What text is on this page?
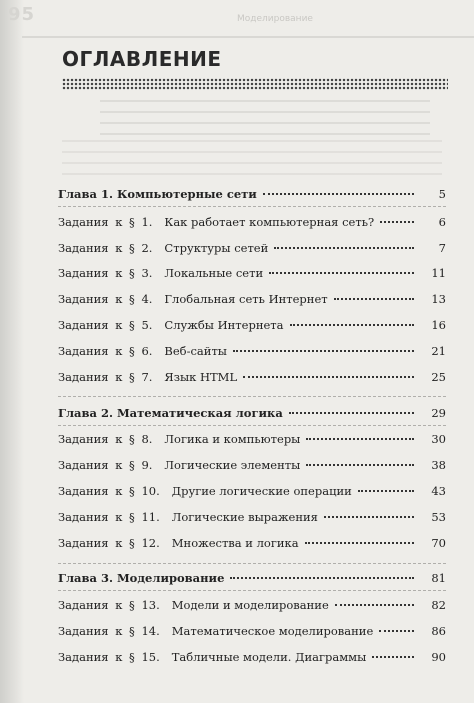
95	Моделирование
ОГЛАВЛЕНИЕ
Глава 1. Компьютерные сети	5
Задания к § 1. Как работает компьютерная сеть?	6
Задания к § 2. Структуры сетей	7
Задания к § 3. Локальные сети	11
Задания к § 4. Глобальная сеть Интернет	13
Задания к § 5. Службы Интернета	16
Задания к § 6. Веб-сайты	21
Задания к § 7. Язык HTML	25
Глава 2. Математическая логика	29
Задания к § 8. Логика и компьютеры	30
Задания к § 9. Логические элементы	38
Задания к § 10. Другие логические операции	43
Задания к § 11. Логические выражения	53
Задания к § 12. Множества и логика	70
Глава 3. Моделирование	81
Задания к § 13. Модели и моделирование	82
Задания к § 14. Математическое моделирование	86
Задания к § 15. Табличные модели. Диаграммы	90
